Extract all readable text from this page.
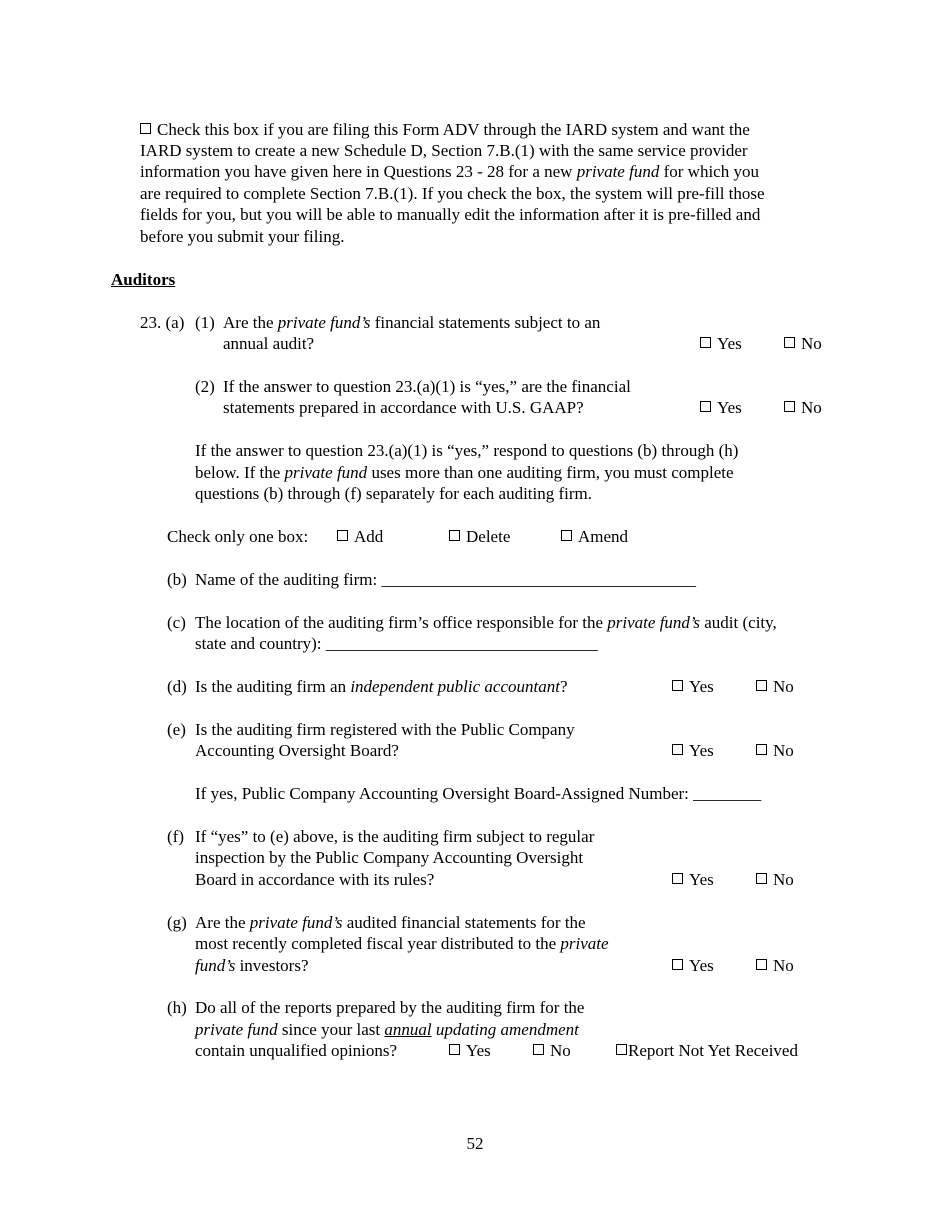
Check this box if you are filing this Form ADV through the IARD system and want the
IARD system to create a new Schedule D, Section 7.B.(1) with the same service provider
information you have given here in Questions 23 - 28 for a new private fund for which you
are required to complete Section 7.B.(1). If you check the box, the system will pre-fill those
fields for you, but you will be able to manually edit the information after it is pre-filled and
before you submit your filing.
Auditors
23. (a) (1) Are the private fund’s financial statements subject to an
annual audit?	Yes	No
(2) If the answer to question 23.(a)(1) is “yes,” are the financial
statements prepared in accordance with U.S. GAAP?	Yes	No
If the answer to question 23.(a)(1) is “yes,” respond to questions (b) through (h)
below. If the private fund uses more than one auditing firm, you must complete
questions (b) through (f) separately for each auditing firm.
Check only one box:	Add	Delete	Amend
(b) Name of the auditing firm: _____________________________________
(c) The location of the auditing firm’s office responsible for the private fund’s audit (city,
state and country): ________________________________
(d) Is the auditing firm an independent public accountant?	Yes	No
(e) Is the auditing firm registered with the Public Company
Accounting Oversight Board?	Yes	No
If yes, Public Company Accounting Oversight Board-Assigned Number: ________
(f) If “yes” to (e) above, is the auditing firm subject to regular
inspection by the Public Company Accounting Oversight
Board in accordance with its rules?	Yes	No
(g) Are the private fund’s audited financial statements for the
most recently completed fiscal year distributed to the private
fund’s investors?	Yes	No
(h) Do all of the reports prepared by the auditing firm for the
private fund since your last annual updating amendment
contain unqualified opinions?	Yes	No	Report Not Yet Received
52
